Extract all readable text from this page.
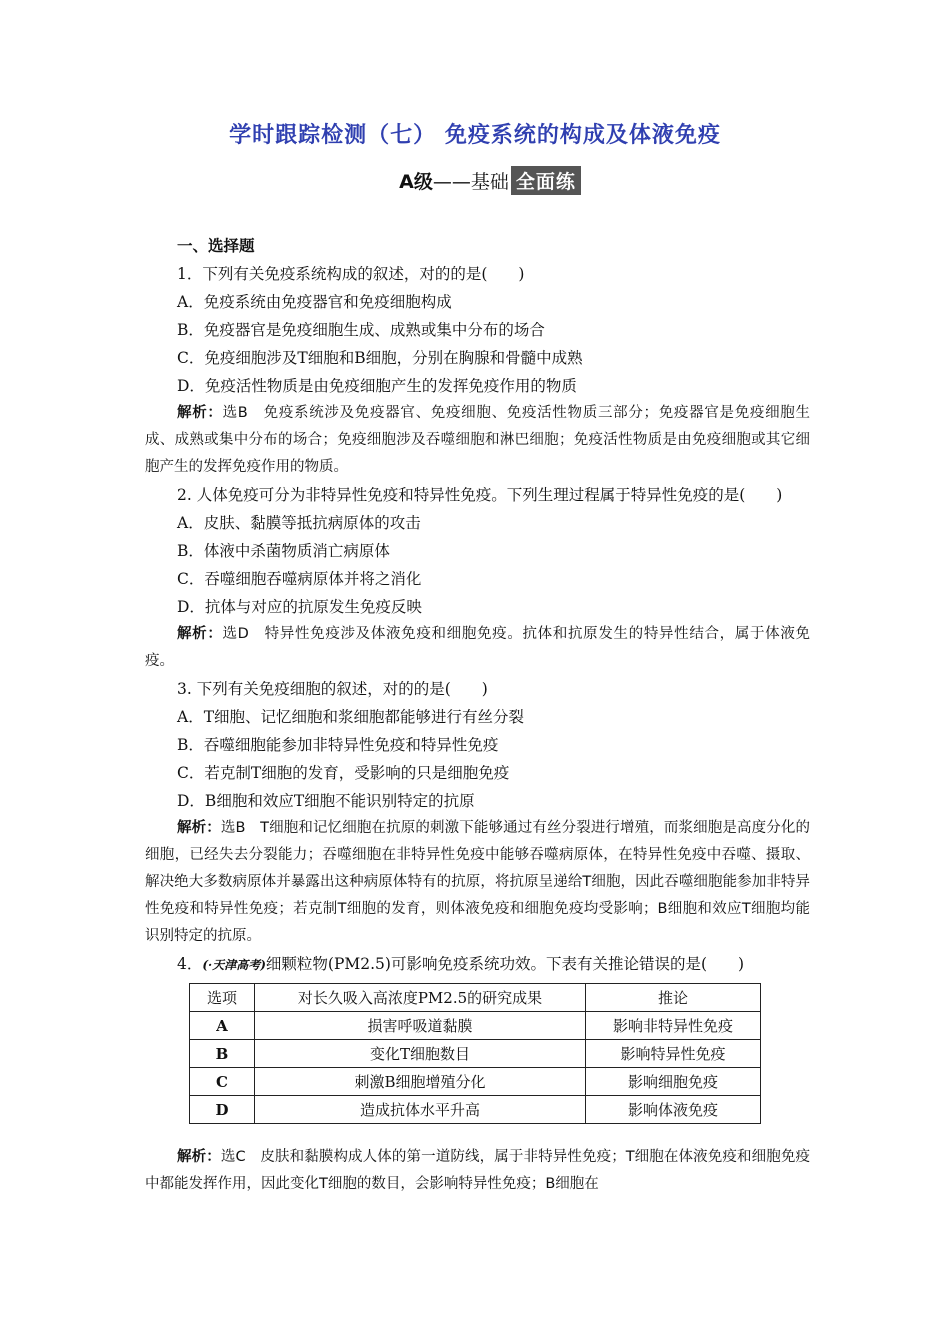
学时跟踪检测（七） 免疫系统的构成及体液免疫
A级——基础 全面练

一、选择题

1．下列有关免疫系统构成的叙述，对的的是(　　)

A．免疫系统由免疫器官和免疫细胞构成

B．免疫器官是免疫细胞生成、成熟或集中分布的场合

C．免疫细胞涉及T细胞和B细胞，分别在胸腺和骨髓中成熟

D．免疫活性物质是由免疫细胞产生的发挥免疫作用的物质

解析：选B　免疫系统涉及免疫器官、免疫细胞、免疫活性物质三部分；免疫器官是免疫细胞生成、成熟或集中分布的场合；免疫细胞涉及吞噬细胞和淋巴细胞；免疫活性物质是由免疫细胞或其它细胞产生的发挥免疫作用的物质。

2. 人体免疫可分为非特异性免疫和特异性免疫。下列生理过程属于特异性免疫的是(　　)

A．皮肤、黏膜等抵抗病原体的攻击

B．体液中杀菌物质消亡病原体

C．吞噬细胞吞噬病原体并将之消化

D．抗体与对应的抗原发生免疫反映

解析：选D　特异性免疫涉及体液免疫和细胞免疫。抗体和抗原发生的特异性结合，属于体液免疫。

3. 下列有关免疫细胞的叙述，对的的是(　　)

A．T细胞、记忆细胞和浆细胞都能够进行有丝分裂

B．吞噬细胞能参加非特异性免疫和特异性免疫

C．若克制T细胞的发育，受影响的只是细胞免疫

D．B细胞和效应T细胞不能识别特定的抗原

解析：选B　T细胞和记忆细胞在抗原的刺激下能够通过有丝分裂进行增殖，而浆细胞是高度分化的细胞，已经失去分裂能力；吞噬细胞在非特异性免疫中能够吞噬病原体，在特异性免疫中吞噬、摄取、解决绝大多数病原体并暴露出这种病原体特有的抗原，将抗原呈递给T细胞，因此吞噬细胞能参加非特异性免疫和特异性免疫；若克制T细胞的发育，则体液免疫和细胞免疫均受影响；B细胞和效应T细胞均能识别特定的抗原。

4．(·天津高考)细颗粒物(PM2.5)可影响免疫系统功效。下表有关推论错误的是(　　)

选项	对长久吸入高浓度PM2.5的研究成果	推论
A	损害呼吸道黏膜	影响非特异性免疫
B	变化T细胞数目	影响特异性免疫
C	刺激B细胞增殖分化	影响细胞免疫
D	造成抗体水平升高	影响体液免疫

解析：选C　皮肤和黏膜构成人体的第一道防线，属于非特异性免疫；T细胞在体液免疫和细胞免疫中都能发挥作用，因此变化T细胞的数目，会影响特异性免疫；B细胞在
